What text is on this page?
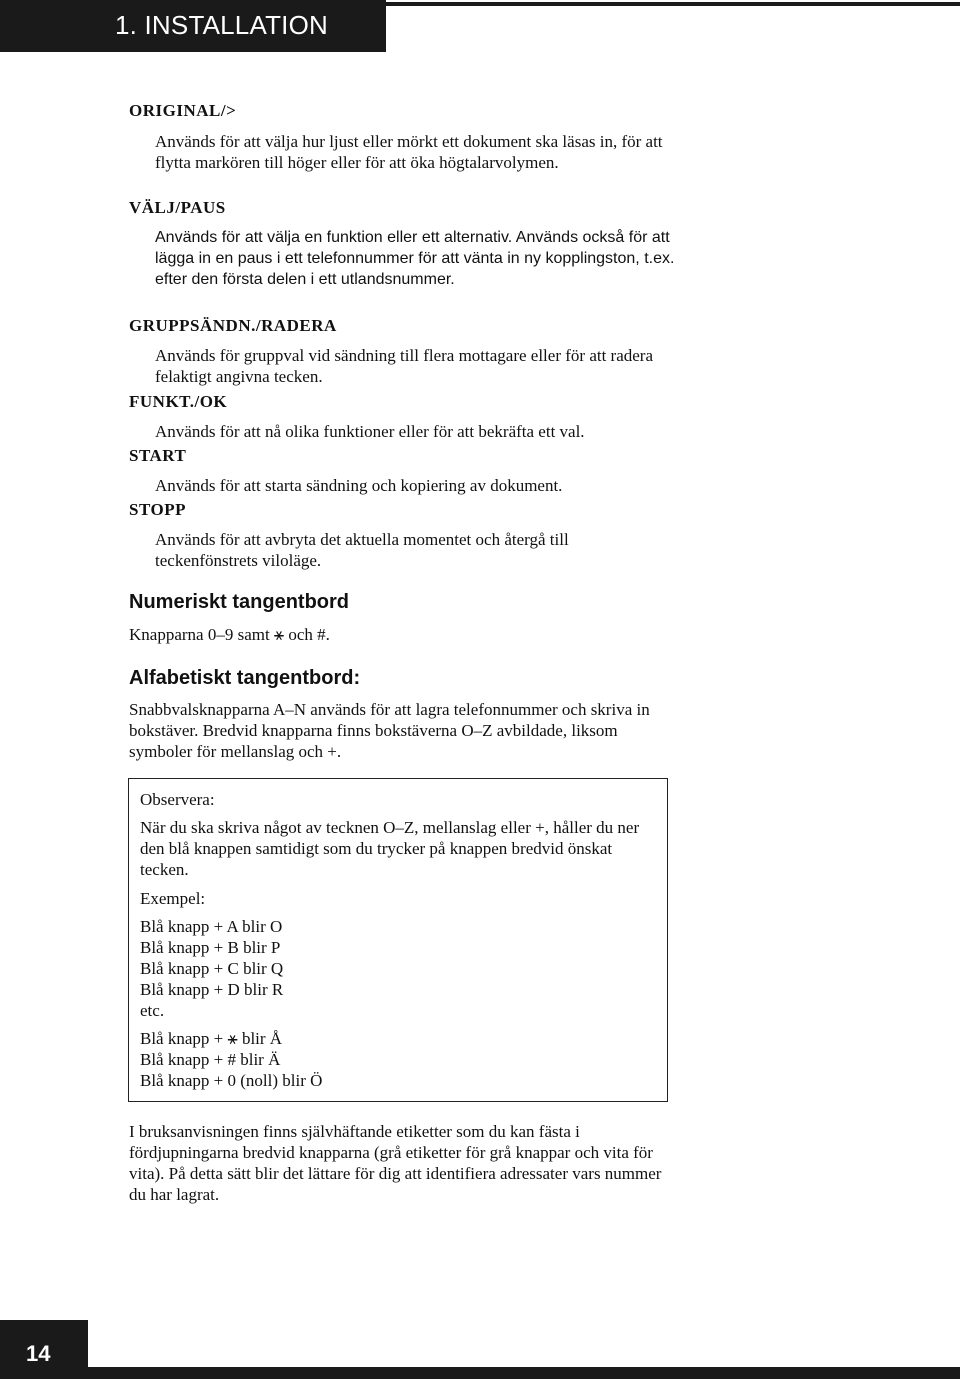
1. INSTALLATION
ORIGINAL/>
Används för att välja hur ljust eller mörkt ett dokument ska läsas in, för att flytta markören till höger eller för att öka högtalarvolymen.
VÄLJ/PAUS
Används för att välja en funktion eller ett alternativ. Används också för att lägga in en paus i ett telefonnummer för att vänta in ny kopplingston, t.ex. efter den första delen i ett utlandsnummer.
GRUPPSÄNDN./RADERA
Används för gruppval vid sändning till flera mottagare eller för att radera felaktigt angivna tecken.
FUNKT./OK
Används för att nå olika funktioner eller för att bekräfta ett val.
START
Används för att starta sändning och kopiering av dokument.
STOPP
Används för att avbryta det aktuella momentet och återgå till teckenfönstrets viloläge.
Numeriskt tangentbord
Knapparna 0–9 samt ⚹ och #.
Alfabetiskt tangentbord:
Snabbvalsknapparna A–N används för att lagra telefonnummer och skriva in bokstäver. Bredvid knapparna finns bokstäverna O–Z avbildade, liksom symboler för mellanslag och +.
Observera:
När du ska skriva något av tecknen O–Z, mellanslag eller +, håller du ner den blå knappen samtidigt som du trycker på knappen bredvid önskat tecken.
Exempel:
Blå knapp + A blir O
Blå knapp + B blir P
Blå knapp + C blir Q
Blå knapp + D blir R
etc.
Blå knapp + ⚹ blir Å
Blå knapp + # blir Ä
Blå knapp + 0 (noll) blir Ö
I bruksanvisningen finns självhäftande etiketter som du kan fästa i fördjupningarna bredvid knapparna (grå etiketter för grå knappar och vita för vita). På detta sätt blir det lättare för dig att identifiera adressater vars nummer du har lagrat.
14
